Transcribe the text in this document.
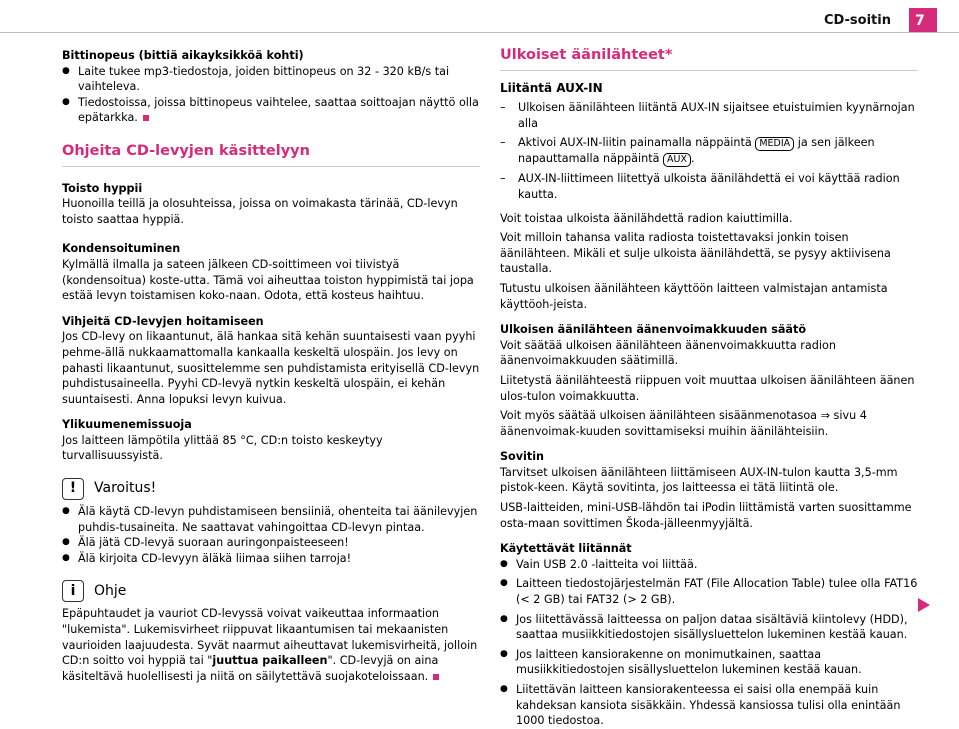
CD-soitin	7

Bittinopeus (bittiä aikayksikköä kohti)

● Laite tukee mp3-tiedostoja, joiden bittinopeus on 32 - 320 kB/s tai vaihteleva.

● Tiedostoissa, joissa bittinopeus vaihtelee, saattaa soittoajan näyttö olla epätarkka.

Ohjeita CD-levyjen käsittelyyn

Toisto hyppii

Huonoilla teillä ja olosuhteissa, joissa on voimakasta tärinää, CD-levyn toisto saattaa hyppiä.

Kondensoituminen

Kylmällä ilmalla ja sateen jälkeen CD-soittimeen voi tiivistyä (kondensoitua) koste-utta. Tämä voi aiheuttaa toiston hyppimistä tai jopa estää levyn toistamisen koko-naan. Odota, että kosteus haihtuu.

Vihjeitä CD-levyjen hoitamiseen

Jos CD-levy on likaantunut, älä hankaa sitä kehän suuntaisesti vaan pyyhi pehme-ällä nukkaamattomalla kankaalla keskeltä ulospäin. Jos levy on pahasti likaantunut, suosittelemme sen puhdistamista erityisellä CD-levyn puhdistusaineella. Pyyhi CD-levyä nytkin keskeltä ulospäin, ei kehän suuntaisesti. Anna lopuksi levyn kuivua.

Ylikuumenemissuoja

Jos laitteen lämpötila ylittää 85 °C, CD:n toisto keskeytyy turvallisuussyistä.

!	Varoitus!

● Älä käytä CD-levyn puhdistamiseen bensiiniä, ohenteita tai äänilevyjen puhdis-tusaineita. Ne saattavat vahingoittaa CD-levyn pintaa.

● Älä jätä CD-levyä suoraan auringonpaisteeseen!

● Älä kirjoita CD-levyyn äläkä liimaa siihen tarroja!

i	Ohje

Epäpuhtaudet ja vauriot CD-levyssä voivat vaikeuttaa informaation "lukemista". Lukemisvirheet riippuvat likaantumisen tai mekaanisten vaurioiden laajuudesta. Syvät naarmut aiheuttavat lukemisvirheitä, jolloin CD:n soitto voi hyppiä tai "juuttua paikalleen". CD-levyjä on aina käsiteltävä huolellisesti ja niitä on säilytettävä suojakoteloissaan.

Ulkoiset äänilähteet*

Liitäntä AUX-IN

– Ulkoisen äänilähteen liitäntä AUX-IN sijaitsee etuistuimien kyynärnojan alla

– Aktivoi AUX-IN-liitin painamalla näppäintä MEDIA ja sen jälkeen napauttamalla näppäintä AUX .

– AUX-IN-liittimeen liitettyä ulkoista äänilähdettä ei voi käyttää radion kautta.

Voit toistaa ulkoista äänilähdettä radion kaiuttimilla.

Voit milloin tahansa valita radiosta toistettavaksi jonkin toisen äänilähteen. Mikäli et sulje ulkoista äänilähdettä, se pysyy aktiivisena taustalla.

Tutustu ulkoisen äänilähteen käyttöön laitteen valmistajan antamista käyttöoh-jeista.

Ulkoisen äänilähteen äänenvoimakkuuden säätö

Voit säätää ulkoisen äänilähteen äänenvoimakkuutta radion äänenvoimakkuuden säätimillä.

Liitetystä äänilähteestä riippuen voit muuttaa ulkoisen äänilähteen äänen ulos-tulon voimakkuutta.

Voit myös säätää ulkoisen äänilähteen sisäänmenotasoa ⇒ sivu 4 äänenvoimak-kuuden sovittamiseksi muihin äänilähteisiin.

Sovitin

Tarvitset ulkoisen äänilähteen liittämiseen AUX-IN-tulon kautta 3,5-mm pistok-keen. Käytä sovitinta, jos laitteessa ei tätä liitintä ole.

USB-laitteiden, mini-USB-lähdön tai iPodin liittämistä varten suosittamme osta-maan sovittimen Škoda-jälleenmyyjältä.

Käytettävät liitännät

● Vain USB 2.0 -laitteita voi liittää.

● Laitteen tiedostojärjestelmän FAT (File Allocation Table) tulee olla FAT16 (< 2 GB) tai FAT32 (> 2 GB).

● Jos liitettävässä laitteessa on paljon dataa sisältäviä kiintolevy (HDD), saattaa musiikkitiedostojen sisällysluettelon lukeminen kestää kauan.

● Jos laitteen kansiorakenne on monimutkainen, saattaa musiikkitiedostojen sisällysluettelon lukeminen kestää kauan.

● Liitettävän laitteen kansiorakenteessa ei saisi olla enempää kuin kahdeksan kansiota sisäkkäin. Yhdessä kansiossa tulisi olla enintään 1000 tiedostoa.
